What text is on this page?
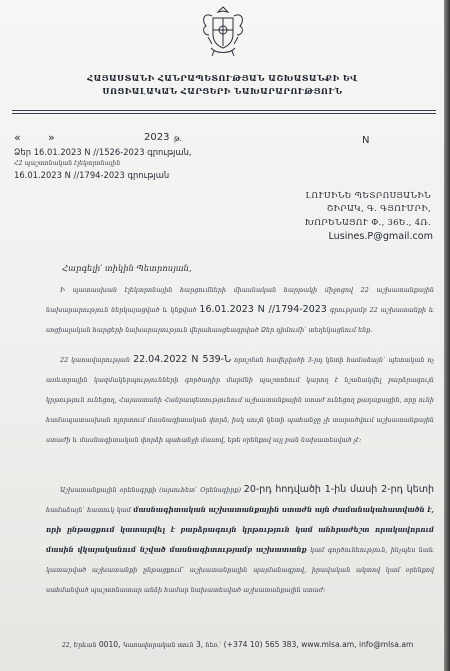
ՀԱՅԱՍՏԱՆԻ ՀԱՆՐԱՊԵՏՈՒԹՅԱՆ ԱՇԽԱՏԱՆՔԻ ԵՎ
ՍՈՑԻԱԼԱԿԱՆ ՀԱՐՑԵՐԻ ՆԱԽԱՐԱՐՈՒԹՅՈՒՆ
« »	2023 թ.	N
Ձեր 16.01.2023 N //1526-2023 գրության,
Հ2 պաշտոնական էլեկտրոնային
16.01.2023 N //1794-2023 գրության
ԼՈՒՍԻՆԵ ՊԵՏՐՈՍՅԱՆԻՆ
ՇԻՐԱԿ, Գ. ԳՅՈՒՄՐԻ,
ԽՈՐԵՆԱՑՈՒ Փ., 36Ե., 4Ռ.
Lusines.P@gmail.com
Հարգելի՛ տիկին Պետրոսյան,
Ի պատասխան էլեկտրոնային հարցումների միասնական հարթակի միջոցով 22 աշխատանքային նախարարություն ներկայացված և կնքված 16.01.2023 N //1794-2023 գրությամբ 22 աշխատանքի և սոցիալական հարցերի նախարարություն վերահասցեագրված Ձեր դիմումի՝ տեղեկացնում ենք.
22 կառավարության 22.04.2022 N 539-Ն որոշման հավելվածի 3-րդ կետի համաձայն՝ պետական ոչ առևտրային կազմակերպությունների գործադիր մարմնի պաշտոնում կարող է նշանակվել բարձրագույն կրթություն ունեցող, Հայաստանի Հանրապետությունում աշխատանքային ստաժ ունեցող քաղաքացին, որը ունի համապատասխան ոլորտում մասնագիտական փորձ, իսկ սույն կետի պահանջը չի տարածվում աշխատանքային ստաժի և մասնագիտական փորձի պահանջի մասով, եթե օրենքով այլ բան նախատեսված չէ:
Աշխատանքային օրենսգրքի (այսուհետ՝ Օրենսգիրք) 20-րդ հոդվածի 1-ին մասի 2-րդ կետի համաձայն՝ հատուկ կամ մասնագիտական աշխատանքային ստաժն այն ժամանակահատվածն է, որի ընթացքում կատարվել է բարձրագույն կրթություն կամ անհրաժեշտ որակավորում մասին վկայականում նշված մասնագիտությամբ աշխատանք կամ գործունեություն, ինչպես նաև կատարված աշխատանքի ընթացքում՝ աշխատանքային պայմանագրով, իրավական ակտով կամ օրենքով սահմանված պաշտոնատար անձի համար նախատեսված աշխատանքային ստաժ:
22, Երևան 0010, Կառավարական տուն 3, հեռ.՝ (+374 10) 565 383, www.mlsa.am, info@mlsa.am
